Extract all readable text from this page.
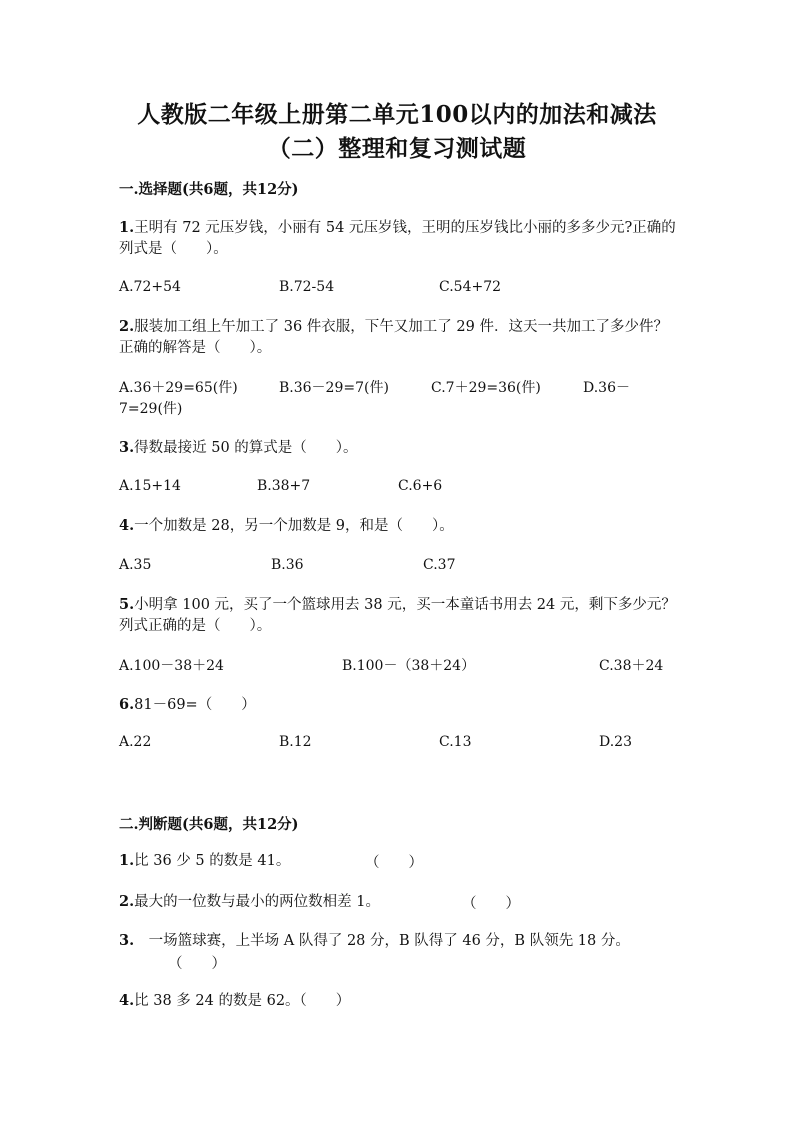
人教版二年级上册第二单元100以内的加法和减法
（二）整理和复习测试题
一.选择题(共6题，共12分)
1.王明有 72 元压岁钱，小丽有 54 元压岁钱，王明的压岁钱比小丽的多多少元?正确的列式是（　　）。
A.72+54	B.72-54	C.54+72
2.服装加工组上午加工了 36 件衣服，下午又加工了 29 件．这天一共加工了多少件？正确的解答是（　　）。
A.36＋29=65(件)	B.36－29=7(件)	C.7＋29=36(件)	D.36－
7=29(件)
3.得数最接近 50 的算式是（　　）。
A.15+14	B.38+7	C.6+6
4.一个加数是 28，另一个加数是 9，和是（　　）。
A.35	B.36	C.37
5.小明拿 100 元，买了一个篮球用去 38 元，买一本童话书用去 24 元，剩下多少元？列式正确的是（　　）。
A.100－38＋24	B.100－（38＋24）	C.38＋24
6.81－69=（　　）
A.22	B.12	C.13	D.23
二.判断题(共6题，共12分)
1.比 36 少 5 的数是 41。	（　　）
2.最大的一位数与最小的两位数相差 1。	（　　）
3.　一场篮球赛，上半场 A 队得了 28 分，B 队得了 46 分，B 队领先 18 分。
（　　）
4.比 38 多 24 的数是 62。（　　）
